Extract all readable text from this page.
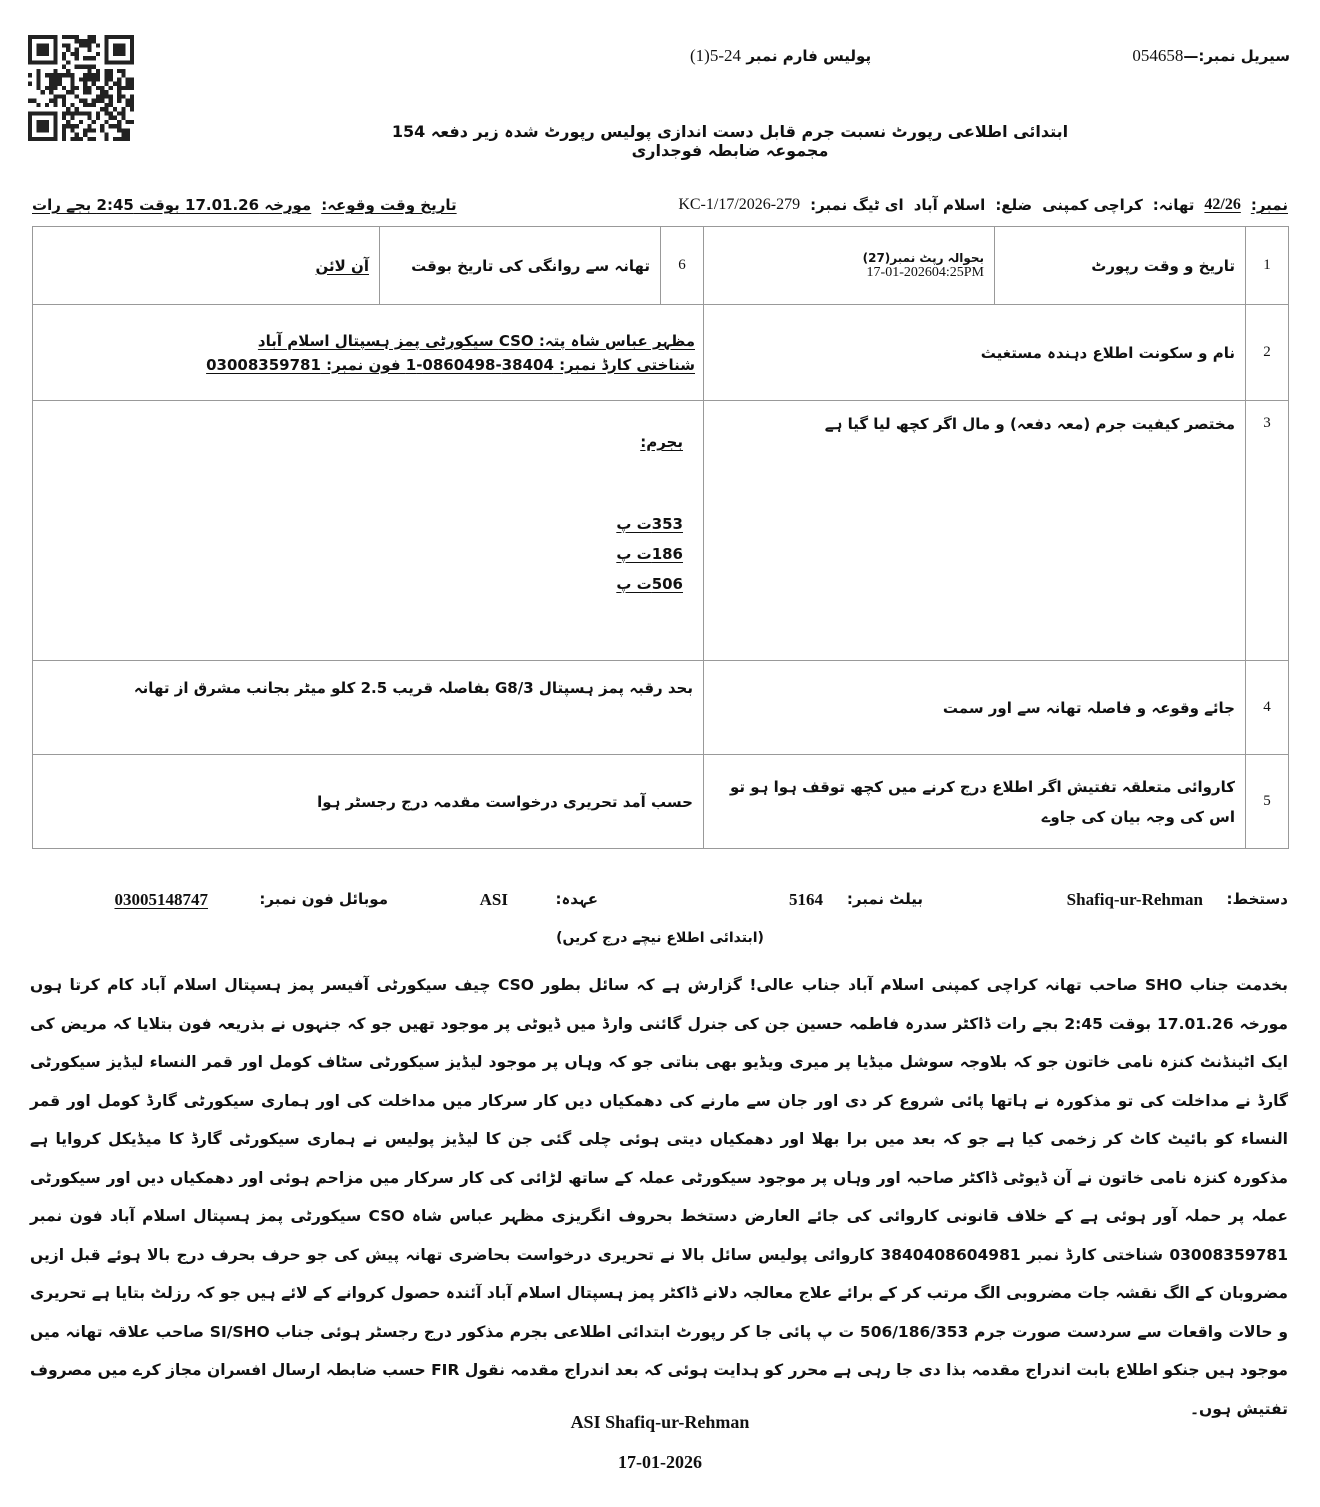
سیریل نمبر:—054658
پولیس فارم نمبر 24-5(1)
ابتدائی اطلاعی رپورٹ نسبت جرم قابل دست اندازی پولیس رپورٹ شدہ زیر دفعہ 154 مجموعہ ضابطہ فوجداری
تاریخ وقت وقوعہ:
مورخہ 17.01.26 بوقت 2:45 بجے رات	نمبر:
42/26
تھانہ:
کراچی کمپنی
ضلع:
اسلام آباد
ای ٹیگ نمبر:
KC-1/17/2026-279
1	تاریخ و وقت رپورٹ	بحوالہ رپٹ نمبر(27)
17-01-202604:25PM	6	تھانہ سے روانگی کی تاریخ بوقت	آن لائن
2	نام و سکونت اطلاع دہندہ مستغیث		مظہر عباس شاہ پتہ: CSO سیکورٹی پمز ہسپتال اسلام آباد
شناختی کارڈ نمبر: 38404-0860498-1 فون نمبر: 03008359781		

3	مختصر کیفیت جرم (معہ دفعہ) و مال اگر کچھ لیا گیا ہے		بجرم:
353ت پ
186ت پ
506ت پ		

4	جائے وقوعہ و فاصلہ تھانہ سے اور سمت		بحد رقبہ پمز ہسپتال G8/3 بفاصلہ قریب 2.5 کلو میٹر بجانب مشرق از تھانہ		
5	کاروائی متعلقہ تفتیش اگر اطلاع درج کرنے میں کچھ توقف ہوا ہو تو اس کی وجہ بیان کی جاوے		حسب آمد تحریری درخواست مقدمہ درج رجسٹر ہوا		
دستخط:
Shafiq-ur-Rehman
بیلٹ نمبر:
5164
عہدہ:
ASI
موبائل فون نمبر:
03005148747
(ابتدائی اطلاع نیچے درج کریں)
بخدمت جناب SHO صاحب تھانہ کراچی کمپنی اسلام آباد جناب عالی! گزارش ہے کہ سائل بطور CSO چیف سیکورٹی آفیسر پمز ہسپتال اسلام آباد کام کرتا ہوں مورخہ 17.01.26 بوقت 2:45 بجے رات ڈاکٹر سدرہ فاطمہ حسین جن کی جنرل گائنی وارڈ میں ڈیوٹی پر موجود تھیں جو کہ جنہوں نے بذریعہ فون بتلایا کہ مریض کی ایک اٹینڈنٹ کنزہ نامی خاتون جو کہ بلاوجہ سوشل میڈیا پر میری ویڈیو بھی بناتی جو کہ وہاں پر موجود لیڈیز سیکورٹی سٹاف کومل اور قمر النساء لیڈیز سیکورٹی گارڈ نے مداخلت کی تو مذکورہ نے ہاتھا پائی شروع کر دی اور جان سے مارنے کی دھمکیاں دیں کار سرکار میں مداخلت کی اور ہماری سیکورٹی گارڈ کومل اور قمر النساء کو بائیٹ کاٹ کر زخمی کیا ہے جو کہ بعد میں برا بھلا اور دھمکیاں دیتی ہوئی چلی گئی جن کا لیڈیز پولیس نے ہماری سیکورٹی گارڈ کا میڈیکل کروایا ہے مذکورہ کنزہ نامی خاتون نے آن ڈیوٹی ڈاکٹر صاحبہ اور وہاں پر موجود سیکورٹی عملہ کے ساتھ لڑائی کی کار سرکار میں مزاحم ہوئی اور دھمکیاں دیں اور سیکورٹی عملہ پر حملہ آور ہوئی ہے کے خلاف قانونی کاروائی کی جائے العارض دستخط بحروف انگریزی مظہر عباس شاہ CSO سیکورٹی پمز ہسپتال اسلام آباد فون نمبر 03008359781 شناختی کارڈ نمبر 3840408604981 کاروائی پولیس سائل بالا نے تحریری درخواست بحاضری تھانہ پیش کی جو حرف بحرف درج بالا ہوئے قبل ازیں مضروبان کے الگ نقشہ جات مضروبی الگ مرتب کر کے برائے علاج معالجہ دلانے ڈاکٹر پمز ہسپتال اسلام آباد آئندہ حصول کروانے کے لائے ہیں جو کہ رزلٹ بتایا ہے تحریری و حالات واقعات سے سردست صورت جرم 506/186/353 ت پ پائی جا کر رپورٹ ابتدائی اطلاعی بجرم مذکور درج رجسٹر ہوئی جناب SI/SHO صاحب علاقہ تھانہ میں موجود ہیں جنکو اطلاع بابت اندراج مقدمہ بذا دی جا رہی ہے محرر کو ہدایت ہوئی کہ بعد اندراج مقدمہ نقول FIR حسب ضابطہ ارسال افسران مجاز کرے میں مصروف تفتیش ہوں۔
ASI Shafiq-ur-Rehman
17-01-2026
